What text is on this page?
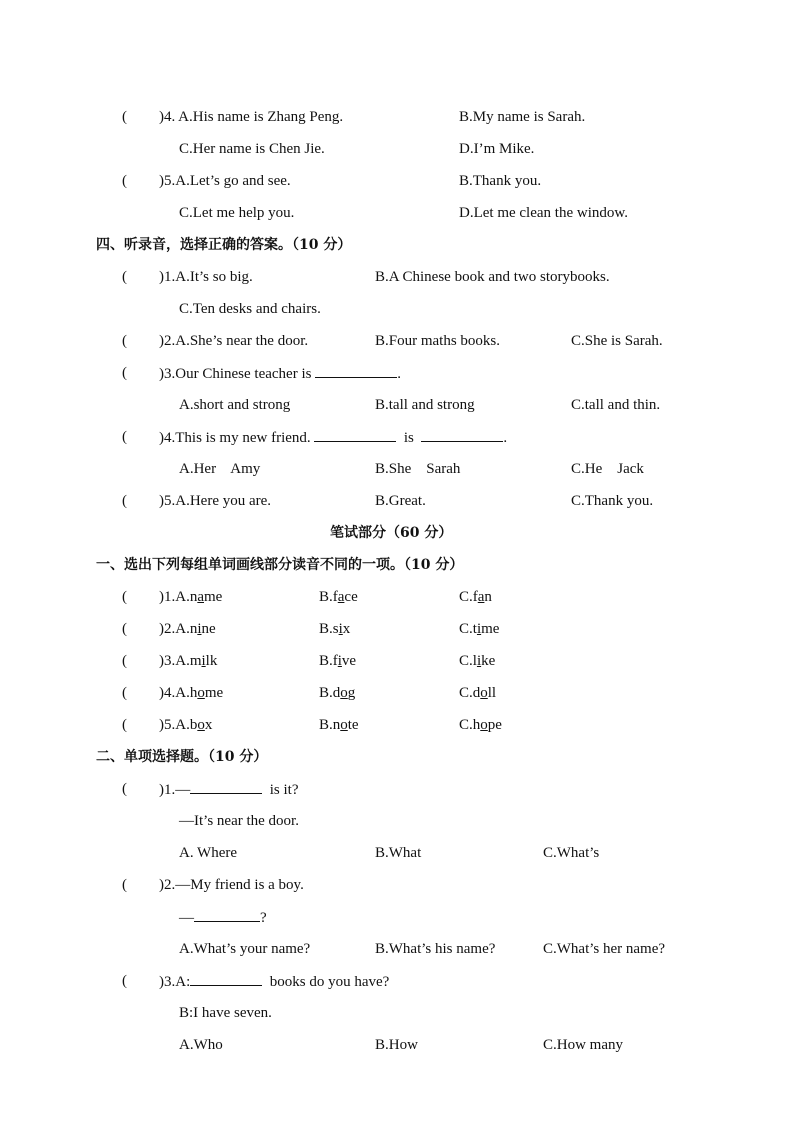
( )4. A.His name is Zhang Peng.	B.My name is Sarah.
C.Her name is Chen Jie.	D.I’m Mike.
( )5.A.Let’s go and see.	B.Thank you.
C.Let me help you.	D.Let me clean the window.
四、听录音，选择正确的答案。（10 分）
( )1.A.It’s so big.	B.A Chinese book and two storybooks.
C.Ten desks and chairs.
( )2.A.She’s near the door.	B.Four maths books.	C.She is Sarah.
( )3.Our Chinese teacher is	.
A.short and strong	B.tall and strong	C.tall and thin.
( )4.This is my new friend.	is	.
A.Her    Amy	B.She    Sarah	C.He    Jack
( )5.A.Here you are.	B.Great.	C.Thank you.
笔试部分（60 分）
一、选出下列每组单词画线部分读音不同的一项。（10 分）
( )1.A.name	B.face	C.fan
( )2.A.nine	B.six	C.time
( )3.A.milk	B.five	C.like
( )4.A.home	B.dog	C.doll
( )5.A.box	B.note	C.hope
二、单项选择题。（10 分）
( )1.—	is it?
—It’s near the door.
A. Where	B.What	C.What’s
( )2.—My friend is a boy.
—	?
A.What’s your name?	B.What’s his name?	C.What’s her name?
( )3.A:	books do you have?
B:I have seven.
A.Who	B.How	C.How many
